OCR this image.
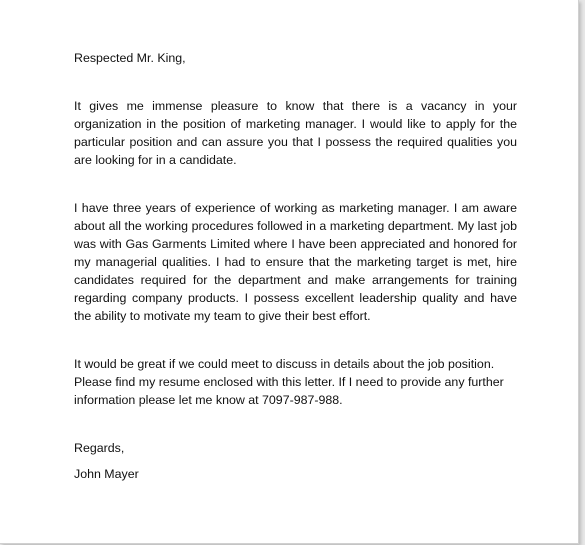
Respected Mr. King,

It gives me immense pleasure to know that there is a vacancy in your organization in the position of marketing manager. I would like to apply for the particular position and can assure you that I possess the required qualities you are looking for in a candidate.

I have three years of experience of working as marketing manager. I am aware about all the working procedures followed in a marketing department. My last job was with Gas Garments Limited where I have been appreciated and honored for my managerial qualities. I had to ensure that the marketing target is met, hire candidates required for the department and make arrangements for training regarding company products. I possess excellent leadership quality and have the ability to motivate my team to give their best effort.

It would be great if we could meet to discuss in details about the job position. Please find my resume enclosed with this letter. If I need to provide any further information please let me know at 7097-987-988.

Regards,

John Mayer
